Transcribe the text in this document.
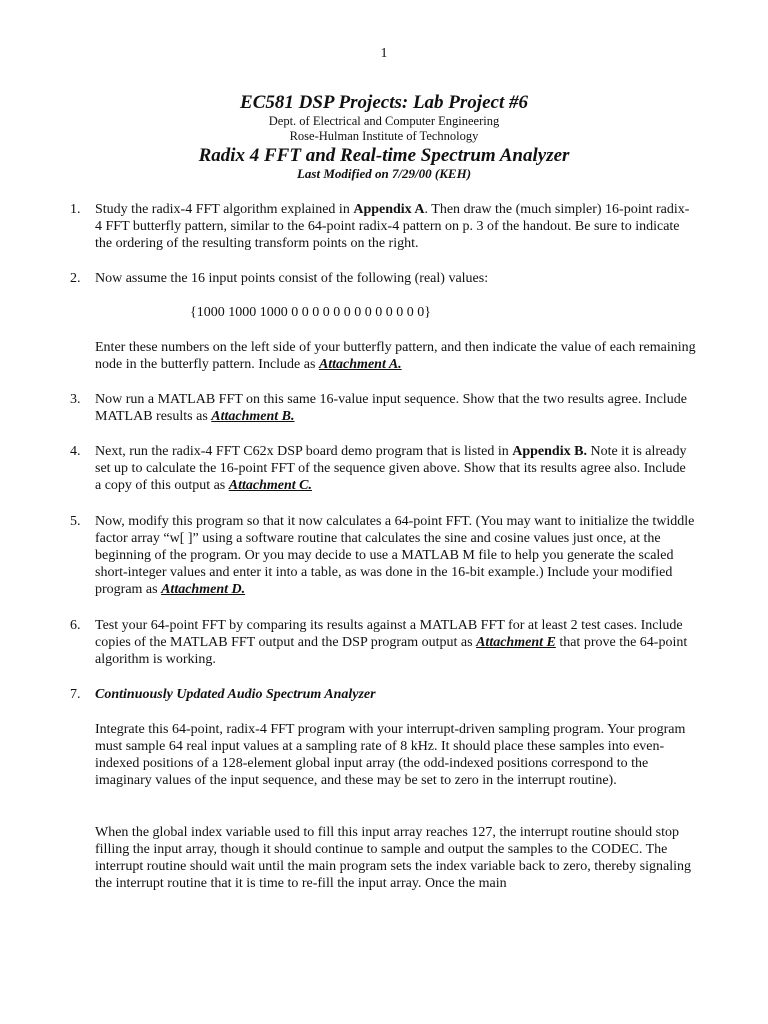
1
EC581 DSP Projects: Lab Project #6
Dept. of Electrical and Computer Engineering
Rose-Hulman Institute of Technology
Radix 4 FFT and Real-time Spectrum Analyzer
Last Modified on 7/29/00 (KEH)
1. Study the radix-4 FFT algorithm explained in Appendix A. Then draw the (much simpler) 16-point radix-4 FFT butterfly pattern, similar to the 64-point radix-4 pattern on p. 3 of the handout. Be sure to indicate the ordering of the resulting transform points on the right.
2. Now assume the 16 input points consist of the following (real) values:
{1000 1000 1000 0 0 0 0 0 0 0 0 0 0 0 0 0}
Enter these numbers on the left side of your butterfly pattern, and then indicate the value of each remaining node in the butterfly pattern. Include as Attachment A.
3. Now run a MATLAB FFT on this same 16-value input sequence. Show that the two results agree. Include MATLAB results as Attachment B.
4. Next, run the radix-4 FFT C62x DSP board demo program that is listed in Appendix B. Note it is already set up to calculate the 16-point FFT of the sequence given above. Show that its results agree also. Include a copy of this output as Attachment C.
5. Now, modify this program so that it now calculates a 64-point FFT. (You may want to initialize the twiddle factor array “w[ ]” using a software routine that calculates the sine and cosine values just once, at the beginning of the program. Or you may decide to use a MATLAB M file to help you generate the scaled short-integer values and enter it into a table, as was done in the 16-bit example.) Include your modified program as Attachment D.
6. Test your 64-point FFT by comparing its results against a MATLAB FFT for at least 2 test cases. Include copies of the MATLAB FFT output and the DSP program output as Attachment E that prove the 64-point algorithm is working.
7. Continuously Updated Audio Spectrum Analyzer
Integrate this 64-point, radix-4 FFT program with your interrupt-driven sampling program. Your program must sample 64 real input values at a sampling rate of 8 kHz. It should place these samples into even-indexed positions of a 128-element global input array (the odd-indexed positions correspond to the imaginary values of the input sequence, and these may be set to zero in the interrupt routine).
When the global index variable used to fill this input array reaches 127, the interrupt routine should stop filling the input array, though it should continue to sample and output the samples to the CODEC. The interrupt routine should wait until the main program sets the index variable back to zero, thereby signaling the interrupt routine that it is time to re-fill the input array. Once the main
